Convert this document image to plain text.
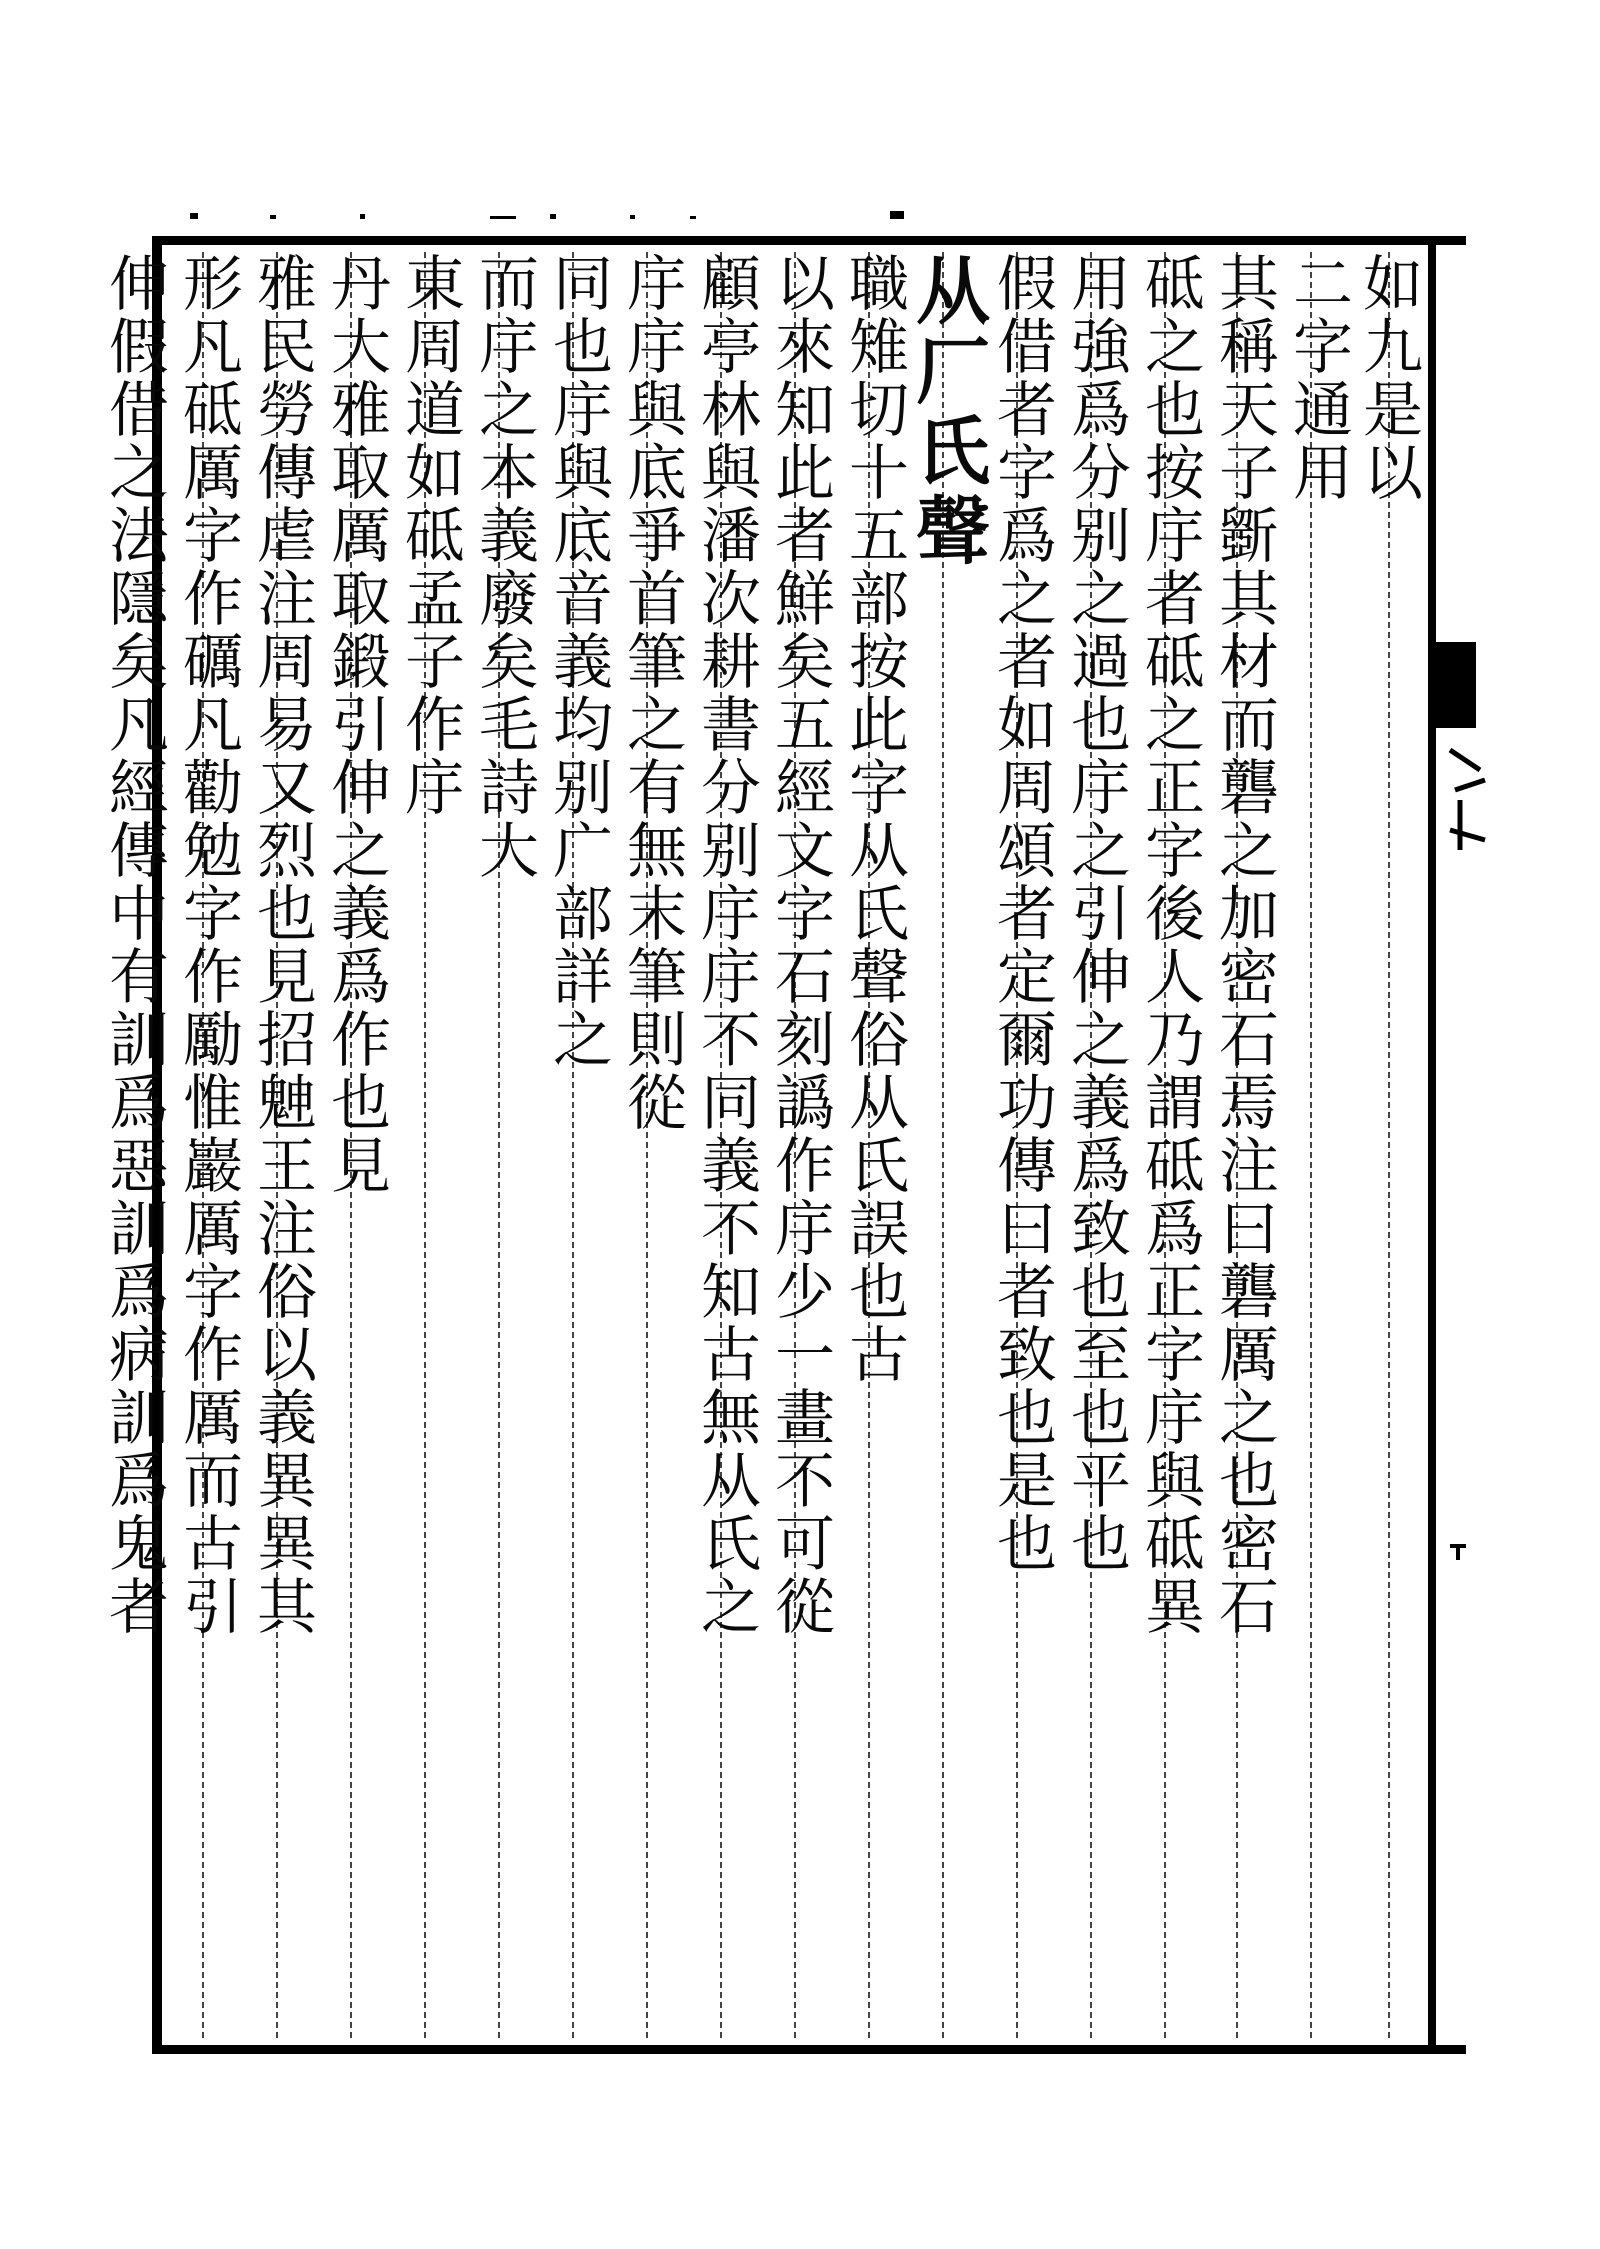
如九是以
二字通用
其稱天子斵其材而礱之加密石焉注曰礱厲之也密石
砥之也按㡰者砥之正字後人乃謂砥爲正字㡰與砥異
用強爲分别之過也㡰之引伸之義爲致也至也平也
假借者字爲之者如周頌者定爾功傳曰者致也是也
从厂氏聲
職雉切十五部按此字从氏聲俗从氏誤也古
以來知此者鮮矣五經文字石刻譌作㡰少一畫不可從
顧亭林與潘次耕書分别㡰㡰不同義不知古無从氏之
㡰㡰與底爭首筆之有無末筆則從
同也㡰與底音義均别广部詳之
而㡰之本義廢矣毛詩大
東周道如砥孟子作㡰
丹大雅取厲取鍛引伸之義爲作也見
雅民勞傳虐注周易又烈也見招䰠王注俗以義異異其
形凡砥厲字作礪凡勸勉字作勵惟巖厲字作厲而古引
伸假借之法隱矣凡經傳中有訓爲惡訓爲病訓爲鬼者
